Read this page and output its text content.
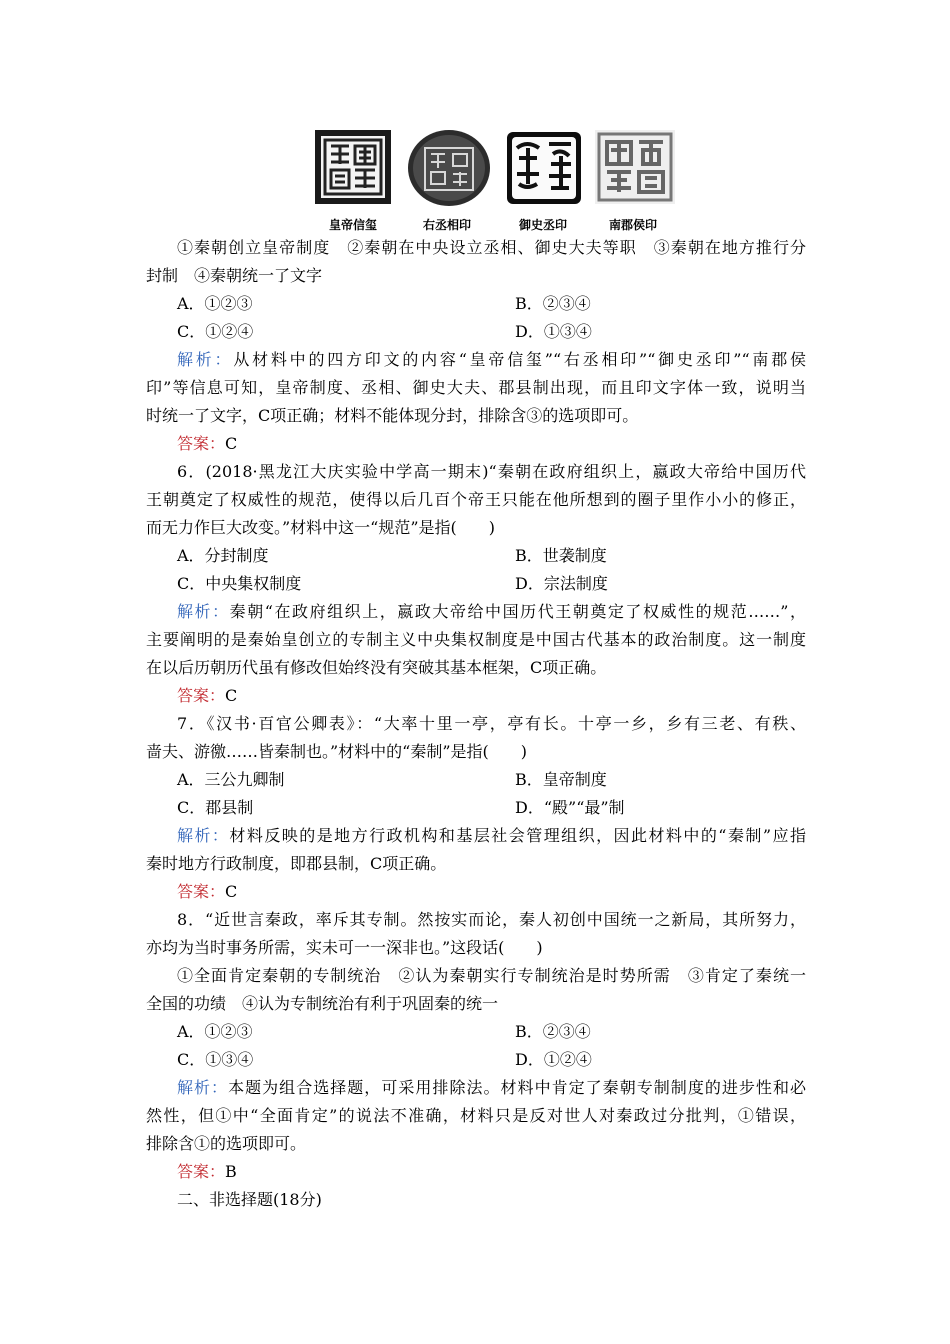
皇帝信玺	右丞相印	御史丞印	南郡侯印
①秦朝创立皇帝制度　②秦朝在中央设立丞相、御史大夫等职　③秦朝在地方推行分
封制　④秦朝统一了文字
A．①②③	B．②③④
C．①②④	D．①③④
解析：从材料中的四方印文的内容“皇帝信玺”“右丞相印”“御史丞印”“南郡侯
印”等信息可知，皇帝制度、丞相、御史大夫、郡县制出现，而且印文字体一致，说明当
时统一了文字，C项正确；材料不能体现分封，排除含③的选项即可。
答案：C
6．(2018·黑龙江大庆实验中学高一期末)“秦朝在政府组织上，嬴政大帝给中国历代
王朝奠定了权威性的规范，使得以后几百个帝王只能在他所想到的圈子里作小小的修正，
而无力作巨大改变。”材料中这一“规范”是指(　　)
A．分封制度	B．世袭制度
C．中央集权制度	D．宗法制度
解析：秦朝“在政府组织上，嬴政大帝给中国历代王朝奠定了权威性的规范……”，
主要阐明的是秦始皇创立的专制主义中央集权制度是中国古代基本的政治制度。这一制度
在以后历朝历代虽有修改但始终没有突破其基本框架，C项正确。
答案：C
7．《汉书·百官公卿表》：“大率十里一亭，亭有长。十亭一乡，乡有三老、有秩、
啬夫、游徼……皆秦制也。”材料中的“秦制”是指(　　)
A．三公九卿制	B．皇帝制度
C．郡县制	D．“殿”“最”制
解析：材料反映的是地方行政机构和基层社会管理组织，因此材料中的“秦制”应指
秦时地方行政制度，即郡县制，C项正确。
答案：C
8．“近世言秦政，率斥其专制。然按实而论，秦人初创中国统一之新局，其所努力，
亦均为当时事务所需，实未可一一深非也。”这段话(　　)
①全面肯定秦朝的专制统治　②认为秦朝实行专制统治是时势所需　③肯定了秦统一
全国的功绩　④认为专制统治有利于巩固秦的统一
A．①②③	B．②③④
C．①③④	D．①②④
解析：本题为组合选择题，可采用排除法。材料中肯定了秦朝专制制度的进步性和必
然性，但①中“全面肯定”的说法不准确，材料只是反对世人对秦政过分批判，①错误，
排除含①的选项即可。
答案：B
二、非选择题(18分)
